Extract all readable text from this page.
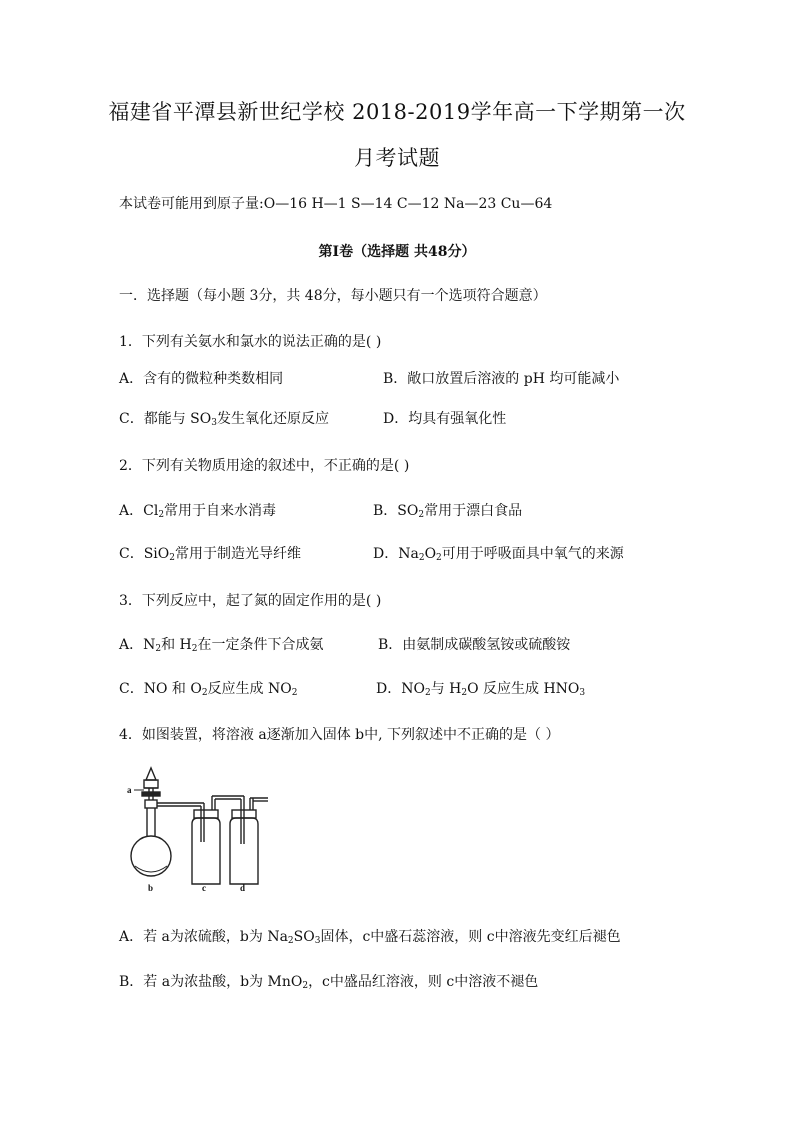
福建省平潭县新世纪学校 2018-2019学年高一下学期第一次
月考试题
本试卷可能用到原子量:O—16 H—1 S—14 C—12 Na—23 Cu—64
第Ⅰ卷（选择题 共48分）
一．选择题（每小题 3分，共 48分，每小题只有一个选项符合题意）
1．下列有关氨水和氯水的说法正确的是( )
A．含有的微粒种类数相同	B．敞口放置后溶液的 pH 均可能减小
C．都能与 $SO_3$发生氧化还原反应	D．均具有强氧化性
2．下列有关物质用途的叙述中，不正确的是( )
A．$Cl_2$常用于自来水消毒	B．$SO_2$常用于漂白食品
C．SiO$_2$常用于制造光导纤维	D．$Na_2O_2$可用于呼吸面具中氧气的来源
3．下列反应中，起了氮的固定作用的是( )
A．$N_2$和 $H_2$在一定条件下合成氨	B．由氨制成碳酸氢铵或硫酸铵
C．NO 和 $O_2$反应生成 $NO_2$	D．$NO_2$与 $H_2O$ 反应生成 $HNO_3$
4．如图装置，将溶液 a逐渐加入固体 b中, 下列叙述中不正确的是（ ）
a
b	c	d
A．若 a为浓硫酸，b为 $Na_2SO_3$固体，c中盛石蕊溶液，则 c中溶液先变红后褪色
B．若 a为浓盐酸，b为 MnO$_2$，c中盛品红溶液，则 c中溶液不褪色
